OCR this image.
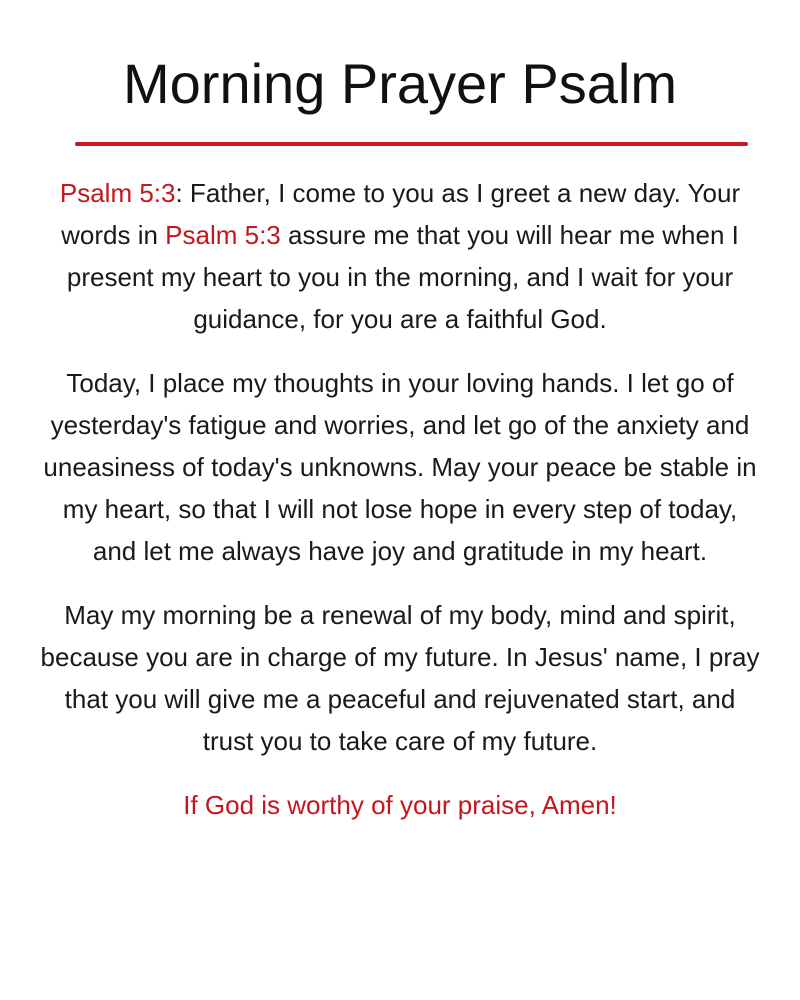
Morning Prayer Psalm

Psalm 5:3: Father, I come to you as I greet a new day. Your words in Psalm 5:3 assure me that you will hear me when I present my heart to you in the morning, and I wait for your guidance, for you are a faithful God.

Today, I place my thoughts in your loving hands. I let go of yesterday's fatigue and worries, and let go of the anxiety and uneasiness of today's unknowns. May your peace be stable in my heart, so that I will not lose hope in every step of today, and let me always have joy and gratitude in my heart.

May my morning be a renewal of my body, mind and spirit, because you are in charge of my future. In Jesus' name, I pray that you will give me a peaceful and rejuvenated start, and trust you to take care of my future.

If God is worthy of your praise, Amen!
